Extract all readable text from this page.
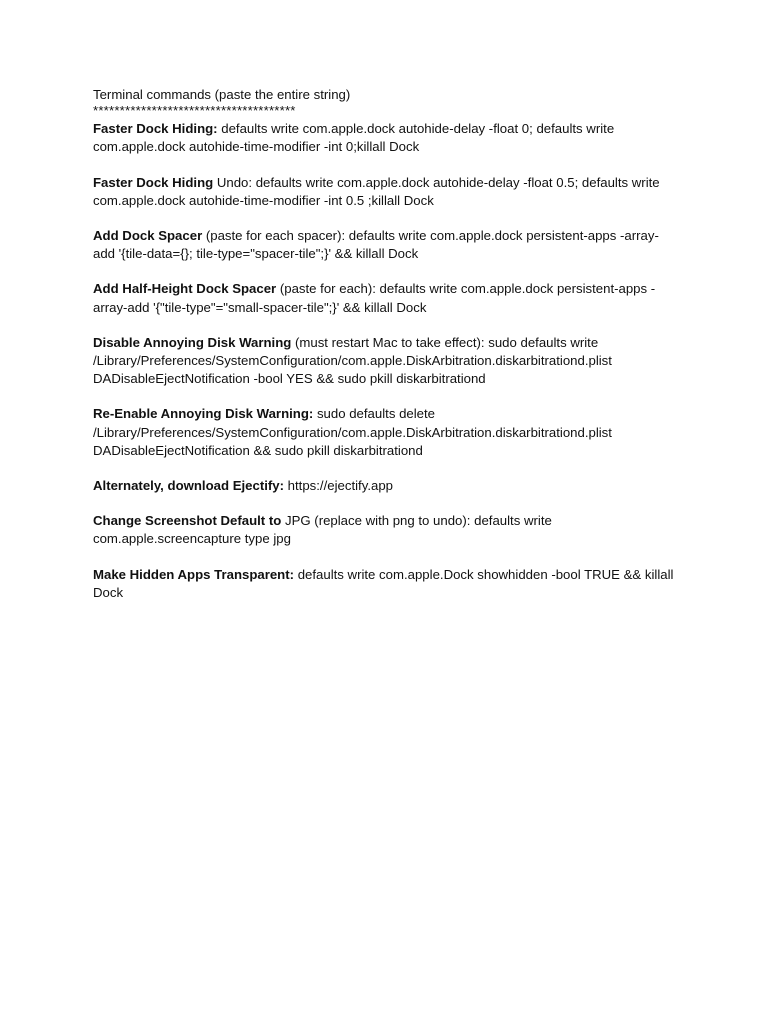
Terminal commands (paste the entire string)

**************************************

Faster Dock Hiding: defaults write com.apple.dock autohide-delay -float 0; defaults write com.apple.dock autohide-time-modifier -int 0;killall Dock

Faster Dock Hiding Undo: defaults write com.apple.dock autohide-delay -float 0.5; defaults write com.apple.dock autohide-time-modifier -int 0.5 ;killall Dock

Add Dock Spacer (paste for each spacer): defaults write com.apple.dock persistent-apps -array-add '{tile-data={}; tile-type="spacer-tile";}' && killall Dock

Add Half-Height Dock Spacer (paste for each): defaults write com.apple.dock persistent-apps -array-add '{"tile-type"="small-spacer-tile";}' && killall Dock

Disable Annoying Disk Warning (must restart Mac to take effect): sudo defaults write /Library/Preferences/SystemConfiguration/com.apple.DiskArbitration.diskarbitrationd.plist DADisableEjectNotification -bool YES && sudo pkill diskarbitrationd

Re-Enable Annoying Disk Warning: sudo defaults delete /Library/Preferences/SystemConfiguration/com.apple.DiskArbitration.diskarbitrationd.plist DADisableEjectNotification && sudo pkill diskarbitrationd

Alternately, download Ejectify: https://ejectify.app

Change Screenshot Default to JPG (replace with png to undo): defaults write com.apple.screencapture type jpg

Make Hidden Apps Transparent: defaults write com.apple.Dock showhidden -bool TRUE && killall Dock
